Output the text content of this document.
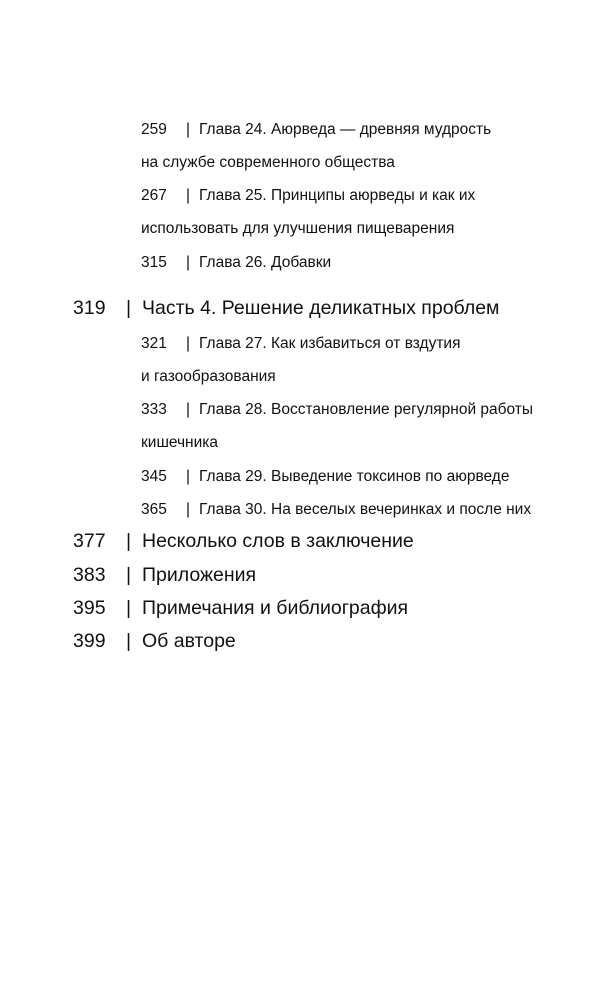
259 | Глава 24. Аюрведа — древняя мудрость
на службе современного общества
267 | Глава 25. Принципы аюрведы и как их
использовать для улучшения пищеварения
315 | Глава 26. Добавки
319 | Часть 4. Решение деликатных проблем
321 | Глава 27. Как избавиться от вздутия
и газообразования
333 | Глава 28. Восстановление регулярной работы
кишечника
345 | Глава 29. Выведение токсинов по аюрведе
365 | Глава 30. На веселых вечеринках и после них
377 | Несколько слов в заключение
383 | Приложения
395 | Примечания и библиография
399 | Об авторе
